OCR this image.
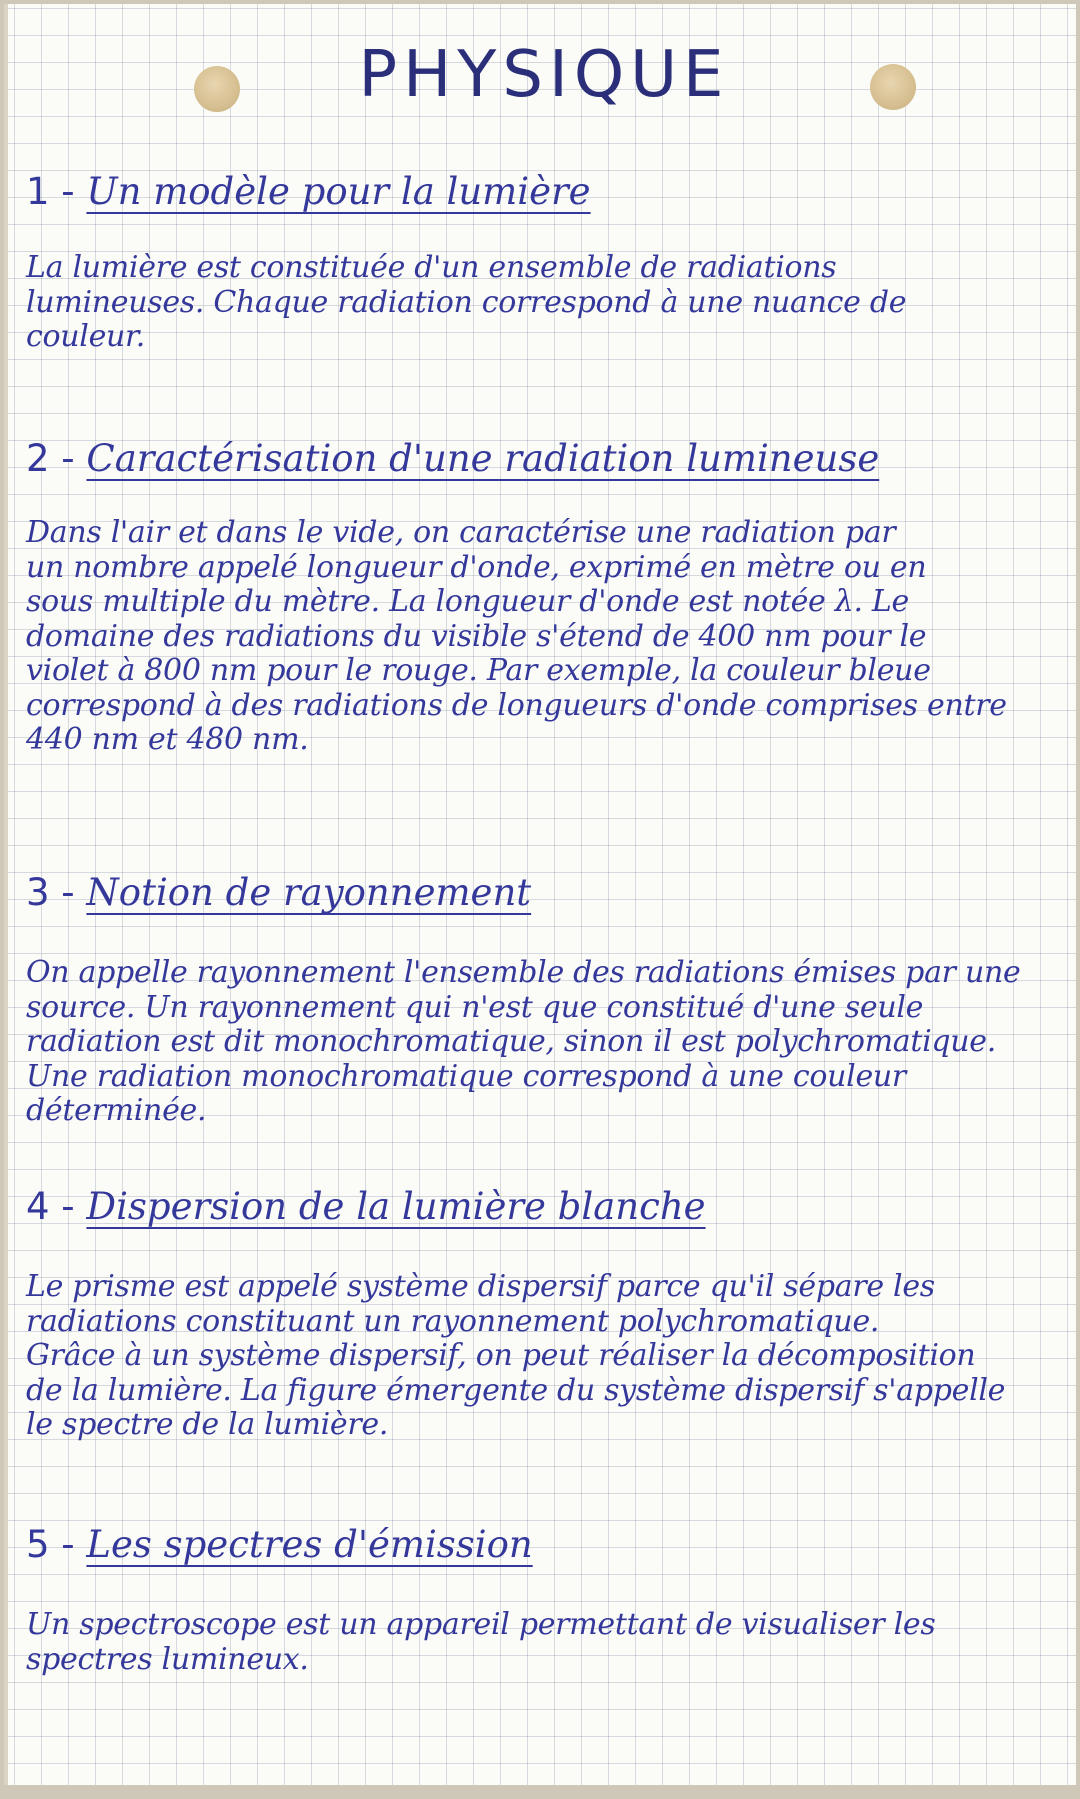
PHYSIQUE

1 - Un modèle pour la lumière

La lumière est constituée d'un ensemble de radiations

lumineuses. Chaque radiation correspond à une nuance de

couleur.

2 - Caractérisation d'une radiation lumineuse

Dans l'air et dans le vide, on caractérise une radiation par

un nombre appelé longueur d'onde, exprimé en mètre ou en

sous multiple du mètre. La longueur d'onde est notée λ. Le

domaine des radiations du visible s'étend de 400 nm pour le

violet à 800 nm pour le rouge. Par exemple, la couleur bleue

correspond à des radiations de longueurs d'onde comprises entre

440 nm et 480 nm.

3 - Notion de rayonnement

On appelle rayonnement l'ensemble des radiations émises par une

source. Un rayonnement qui n'est que constitué d'une seule

radiation est dit monochromatique, sinon il est polychromatique.

Une radiation monochromatique correspond à une couleur déterminée.

4 - Dispersion de la lumière blanche

Le prisme est appelé système dispersif parce qu'il sépare les

radiations constituant un rayonnement polychromatique.

Grâce à un système dispersif, on peut réaliser la décomposition

de la lumière. La figure émergente du système dispersif s'appelle

le spectre de la lumière.

5 - Les spectres d'émission

Un spectroscope est un appareil permettant de visualiser les

spectres lumineux.
